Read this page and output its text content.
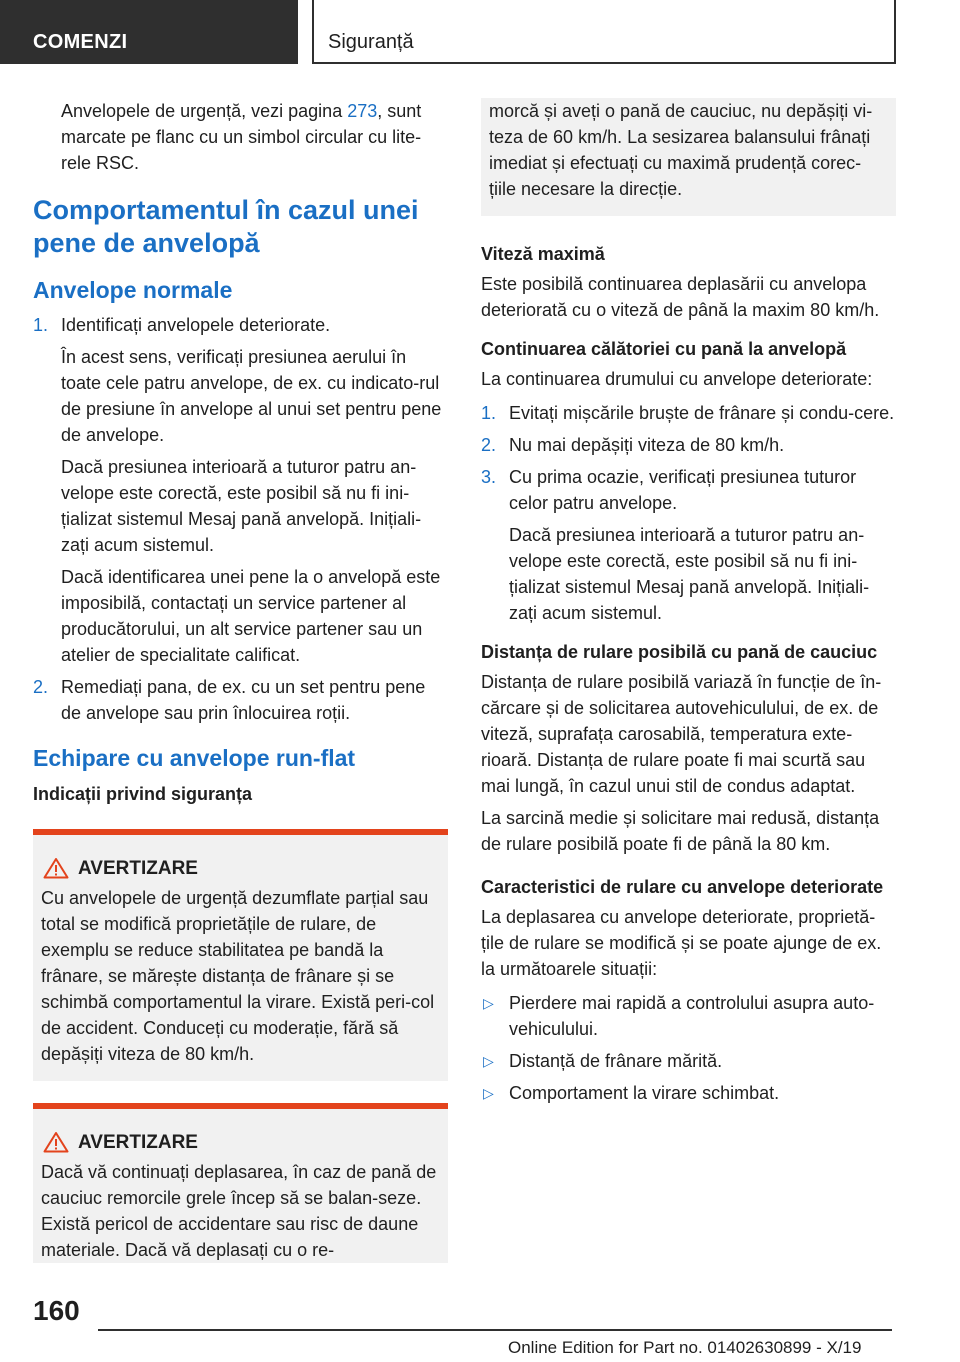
COMENZI	Siguranță

Anvelopele de urgență, vezi pagina 273, sunt marcate pe flanc cu un simbol circular cu lite‐rele RSC.

Comportamentul în cazul unei pene de anvelopă
Anvelope normale
1. Identificați anvelopele deteriorate.

În acest sens, verificați presiunea aerului în toate cele patru anvelope, de ex. cu indicato‐rul de presiune în anvelope al unui set pentru pene de anvelope.

Dacă presiunea interioară a tuturor patru an‐velope este corectă, este posibil să nu fi ini‐țializat sistemul Mesaj pană anvelopă. Inițiali‐zați acum sistemul.

Dacă identificarea unei pene la o anvelopă este imposibilă, contactați un service partener al producătorului, un alt service partener sau un atelier de specialitate calificat.

2. Remediați pana, de ex. cu un set pentru pene de anvelope sau prin înlocuirea roții.

Echipare cu anvelope run-flat
Indicații privind siguranța
AVERTIZARE

Cu anvelopele de urgență dezumflate parțial sau total se modifică proprietățile de rulare, de exemplu se reduce stabilitatea pe bandă la frânare, se mărește distanța de frânare și se schimbă comportamentul la virare. Există peri‐col de accident. Conduceți cu moderație, fără să depășiți viteza de 80 km/h.

AVERTIZARE

Dacă vă continuați deplasarea, în caz de pană de cauciuc remorcile grele încep să se balan‐seze. Există pericol de accidentare sau risc de daune materiale. Dacă vă deplasați cu o re‐

morcă și aveți o pană de cauciuc, nu depășiți vi‐teza de 60 km/h. La sesizarea balansului frânați imediat și efectuați cu maximă prudență corec‐țiile necesare la direcție.

Viteză maximă

Este posibilă continuarea deplasării cu anvelopa deteriorată cu o viteză de până la maxim 80 km/h.

Continuarea călătoriei cu pană la anvelopă

La continuarea drumului cu anvelope deteriorate:

1. Evitați mișcările bruște de frânare și condu‐cere.

2. Nu mai depășiți viteza de 80 km/h.

3. Cu prima ocazie, verificați presiunea tuturor celor patru anvelope.

Dacă presiunea interioară a tuturor patru an‐velope este corectă, este posibil să nu fi ini‐țializat sistemul Mesaj pană anvelopă. Inițiali‐zați acum sistemul.

Distanța de rulare posibilă cu pană de cauciuc

Distanța de rulare posibilă variază în funcție de în‐cărcare și de solicitarea autovehiculului, de ex. de viteză, suprafața carosabilă, temperatura exte‐rioară. Distanța de rulare poate fi mai scurtă sau mai lungă, în cazul unui stil de condus adaptat.

La sarcină medie și solicitare mai redusă, distanța de rulare posibilă poate fi de până la 80 km.

Caracteristici de rulare cu anvelope deteriorate

La deplasarea cu anvelope deteriorate, proprietă‐țile de rulare se modifică și se poate ajunge de ex. la următoarele situații:

▷ Pierdere mai rapidă a controlului asupra auto‐vehiculului.

▷ Distanță de frânare mărită.

▷ Comportament la virare schimbat.

160
Online Edition for Part no. 01402630899 - X/19
